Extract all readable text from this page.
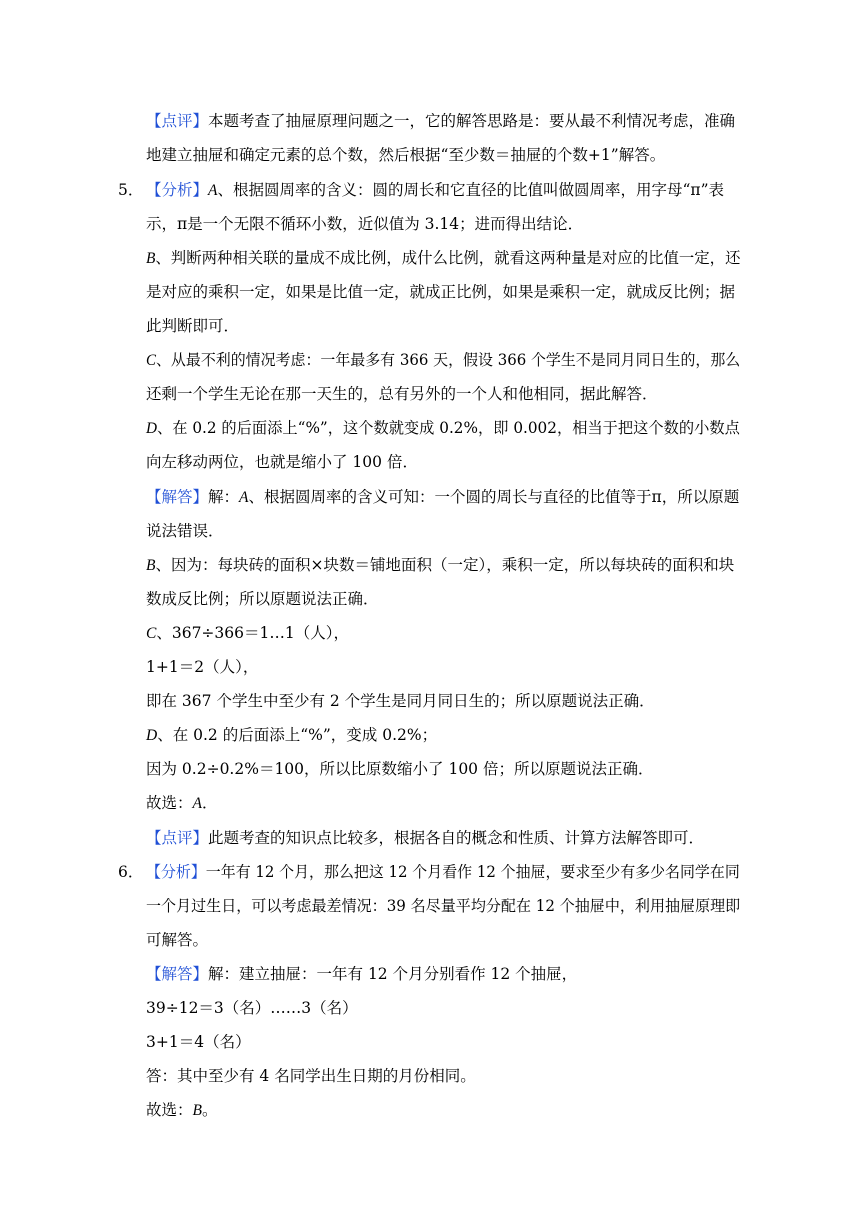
【点评】本题考查了抽屉原理问题之一，它的解答思路是：要从最不利情况考虑，准确
地建立抽屉和确定元素的总个数，然后根据“至少数＝抽屉的个数+1”解答。
5． 【分析】A、根据圆周率的含义：圆的周长和它直径的比值叫做圆周率，用字母“π”表
示，π是一个无限不循环小数，近似值为 3.14；进而得出结论．
B、判断两种相关联的量成不成比例，成什么比例，就看这两种量是对应的比值一定，还
是对应的乘积一定，如果是比值一定，就成正比例，如果是乘积一定，就成反比例；据
此判断即可．
C、从最不利的情况考虑：一年最多有 366 天，假设 366 个学生不是同月同日生的，那么
还剩一个学生无论在那一天生的，总有另外的一个人和他相同，据此解答．
D、在 0.2 的后面添上“%”，这个数就变成 0.2%，即 0.002，相当于把这个数的小数点
向左移动两位，也就是缩小了 100 倍．
【解答】解：A、根据圆周率的含义可知：一个圆的周长与直径的比值等于π，所以原题
说法错误．
B、因为：每块砖的面积×块数＝铺地面积（一定），乘积一定，所以每块砖的面积和块
数成反比例；所以原题说法正确．
C、367÷366＝1…1（人），
1+1＝2（人），
即在 367 个学生中至少有 2 个学生是同月同日生的；所以原题说法正确．
D、在 0.2 的后面添上“%”，变成 0.2%；
因为 0.2÷0.2%＝100，所以比原数缩小了 100 倍；所以原题说法正确．
故选：A．
【点评】此题考查的知识点比较多，根据各自的概念和性质、计算方法解答即可．
6． 【分析】一年有 12 个月，那么把这 12 个月看作 12 个抽屉，要求至少有多少名同学在同
一个月过生日，可以考虑最差情况：39 名尽量平均分配在 12 个抽屉中，利用抽屉原理即
可解答。
【解答】解：建立抽屉：一年有 12 个月分别看作 12 个抽屉，
39÷12＝3（名）……3（名）
3+1＝4（名）
答：其中至少有 4 名同学出生日期的月份相同。
故选：B。
